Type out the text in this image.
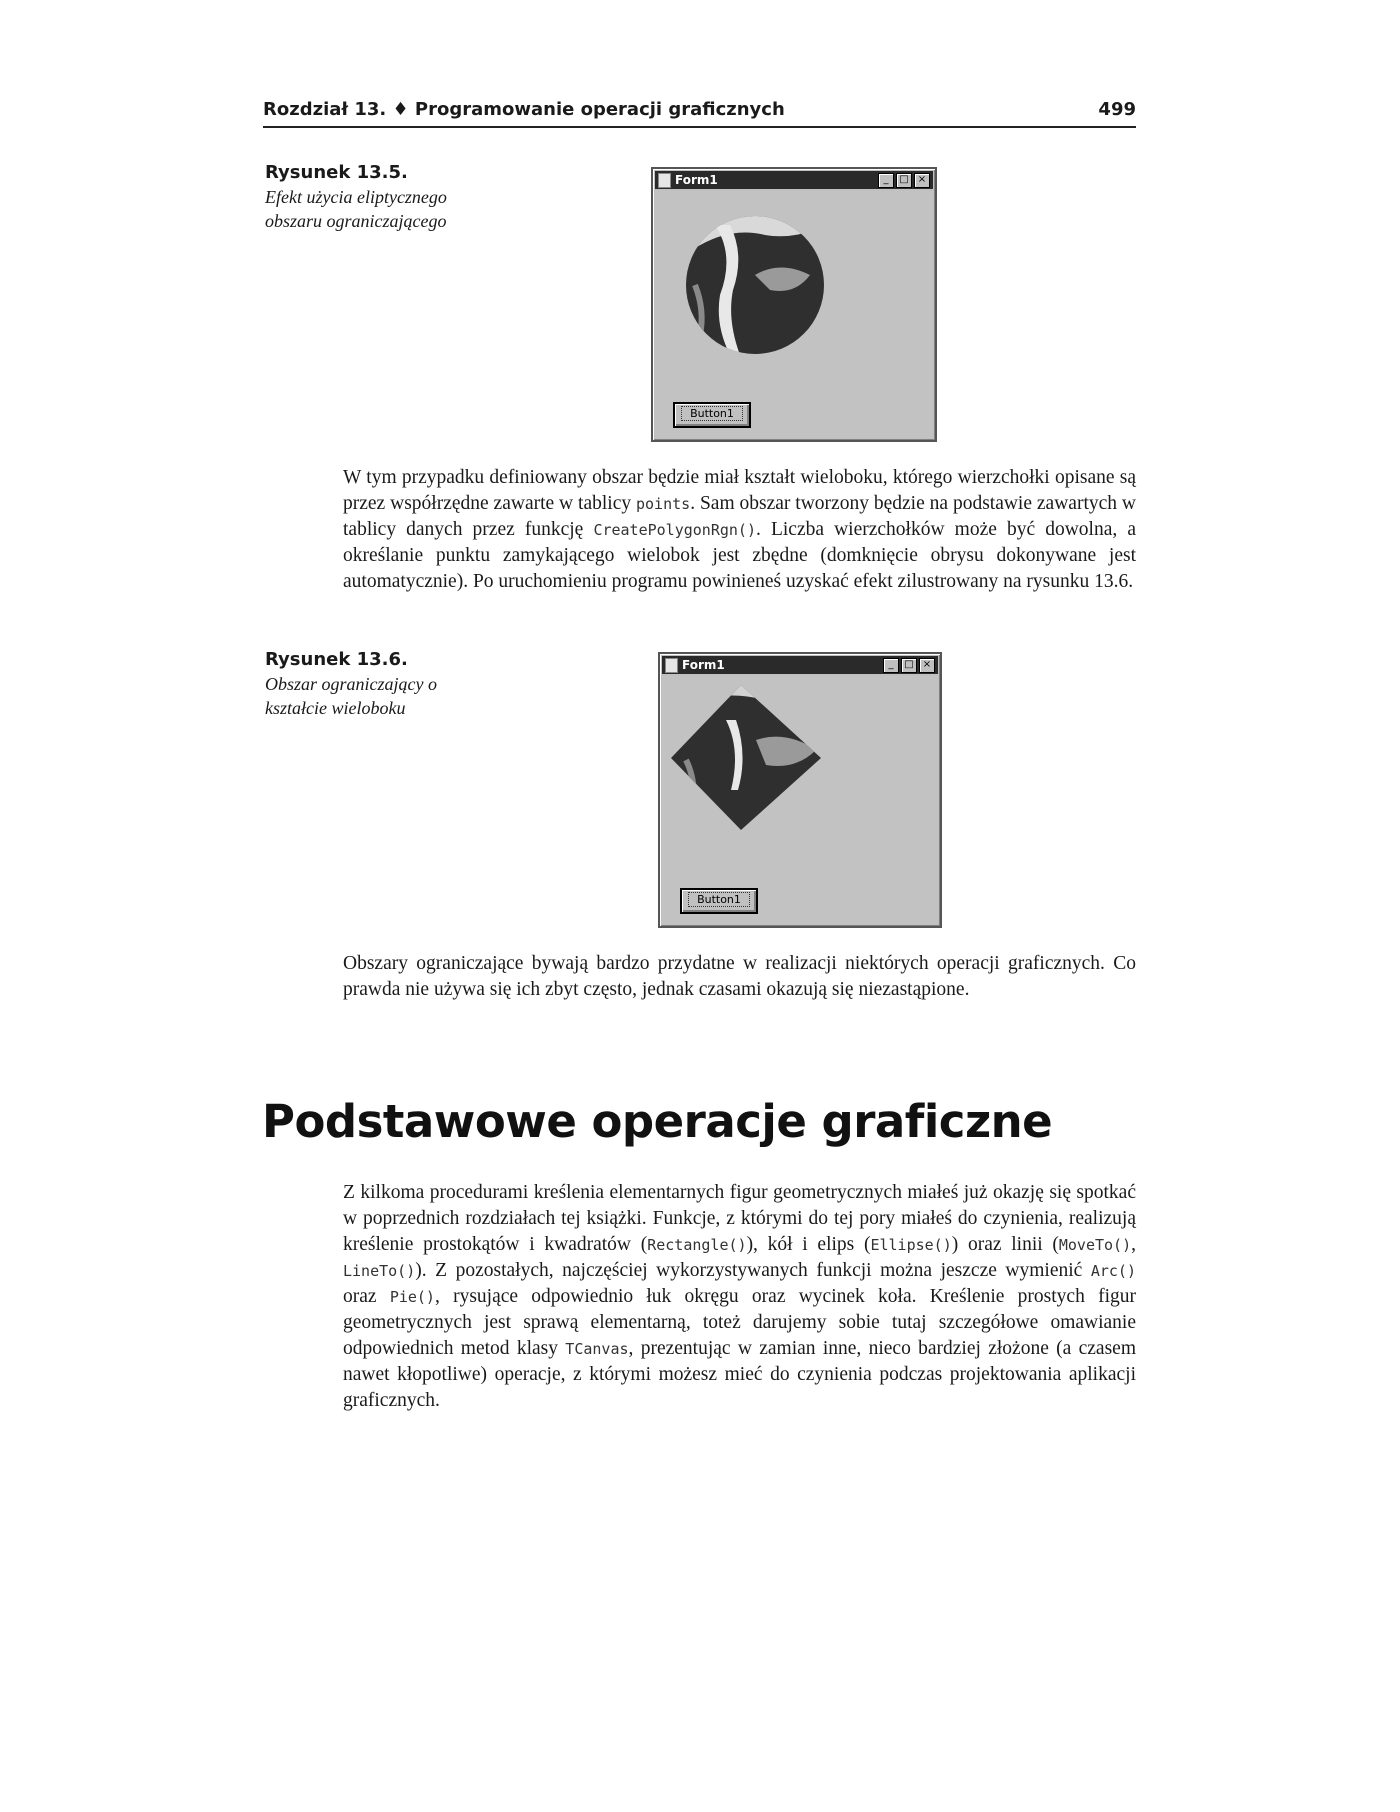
Rozdział 13. ♦ Programowanie operacji graficznych	499
Rysunek 13.5.
Efekt użycia eliptycznego obszaru ograniczającego
Form1	_	□ ×
Button1

W tym przypadku definiowany obszar będzie miał kształt wieloboku, którego wierzchołki opisane są przez współrzędne zawarte w tablicy points. Sam obszar tworzony będzie na podstawie zawartych w tablicy danych przez funkcję CreatePolygonRgn(). Liczba wierzchołków może być dowolna, a określanie punktu zamykającego wielobok jest zbędne (domknięcie obrysu dokonywane jest automatycznie). Po uruchomieniu programu powinieneś uzyskać efekt zilustrowany na rysunku 13.6.

Rysunek 13.6.
Obszar ograniczający o kształcie wieloboku
Form1	_	□ ×
Button1

Obszary ograniczające bywają bardzo przydatne w realizacji niektórych operacji graficznych. Co prawda nie używa się ich zbyt często, jednak czasami okazują się niezastąpione.

Podstawowe operacje graficzne

Z kilkoma procedurami kreślenia elementarnych figur geometrycznych miałeś już okazję się spotkać w poprzednich rozdziałach tej książki. Funkcje, z którymi do tej pory miałeś do czynienia, realizują kreślenie prostokątów i kwadratów (Rectangle()), kół i elips (Ellipse()) oraz linii (MoveTo(), LineTo()). Z pozostałych, najczęściej wykorzystywanych funkcji można jeszcze wymienić Arc() oraz Pie(), rysujące odpowiednio łuk okręgu oraz wycinek koła. Kreślenie prostych figur geometrycznych jest sprawą elementarną, toteż darujemy sobie tutaj szczegółowe omawianie odpowiednich metod klasy TCanvas, prezentując w zamian inne, nieco bardziej złożone (a czasem nawet kłopotliwe) operacje, z którymi możesz mieć do czynienia podczas projektowania aplikacji graficznych.
